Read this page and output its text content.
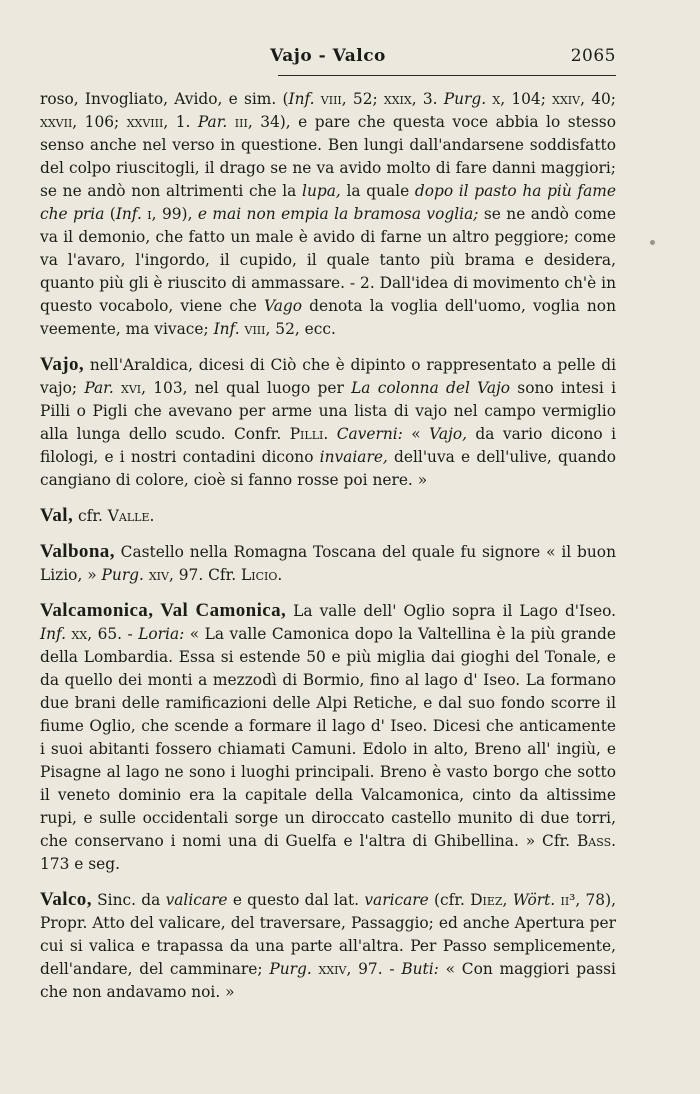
Vajo - Valco	2065

roso, Invogliato, Avido, e sim. (Inf. viii, 52; xxix, 3. Purg. x, 104; xxiv, 40; xxvii, 106; xxviii, 1. Par. iii, 34), e pare che questa voce abbia lo stesso senso anche nel verso in questione. Ben lungi dall'andarsene soddisfatto del colpo riuscitogli, il drago se ne va avido molto di fare danni maggiori; se ne andò non altrimenti che la lupa, la quale dopo il pasto ha più fame che pria (Inf. i, 99), e mai non empia la bramosa voglia; se ne andò come va il demonio, che fatto un male è avido di farne un altro peggiore; come va l'avaro, l'ingordo, il cupido, il quale tanto più brama e desidera, quanto più gli è riuscito di ammassare. - 2. Dall'idea di movimento ch'è in questo vocabolo, viene che Vago denota la voglia dell'uomo, voglia non veemente, ma vivace; Inf. viii, 52, ecc.

Vajo, nell'Araldica, dicesi di Ciò che è dipinto o rappresentato a pelle di vajo; Par. xvi, 103, nel qual luogo per La colonna del Vajo sono intesi i Pilli o Pigli che avevano per arme una lista di vajo nel campo vermiglio alla lunga dello scudo. Confr. Pilli. Caverni: « Vajo, da vario dicono i filologi, e i nostri contadini dicono invaiare, dell'uva e dell'ulive, quando cangiano di colore, cioè si fanno rosse poi nere. »

Val, cfr. Valle.

Valbona, Castello nella Romagna Toscana del quale fu signore « il buon Lizio, » Purg. xiv, 97. Cfr. Licio.

Valcamonica, Val Camonica, La valle dell' Oglio sopra il Lago d'Iseo. Inf. xx, 65. - Loria: « La valle Camonica dopo la Valtellina è la più grande della Lombardia. Essa si estende 50 e più miglia dai gioghi del Tonale, e da quello dei monti a mezzodì di Bormio, fino al lago d' Iseo. La formano due brani delle ramificazioni delle Alpi Retiche, e dal suo fondo scorre il fiume Oglio, che scende a formare il lago d' Iseo. Dicesi che anticamente i suoi abitanti fossero chiamati Camuni. Edolo in alto, Breno all' ingiù, e Pisagne al lago ne sono i luoghi principali. Breno è vasto borgo che sotto il veneto dominio era la capitale della Valcamonica, cinto da altissime rupi, e sulle occidentali sorge un diroccato castello munito di due torri, che conservano i nomi una di Guelfa e l'altra di Ghibellina. » Cfr. Bass. 173 e seg.

Valco, Sinc. da valicare e questo dal lat. varicare (cfr. Diez, Wört. ii³, 78), Propr. Atto del valicare, del traversare, Passaggio; ed anche Apertura per cui si valica e trapassa da una parte all'altra. Per Passo semplicemente, dell'andare, del camminare; Purg. xxiv, 97. - Buti: « Con maggiori passi che non andavamo noi. »
